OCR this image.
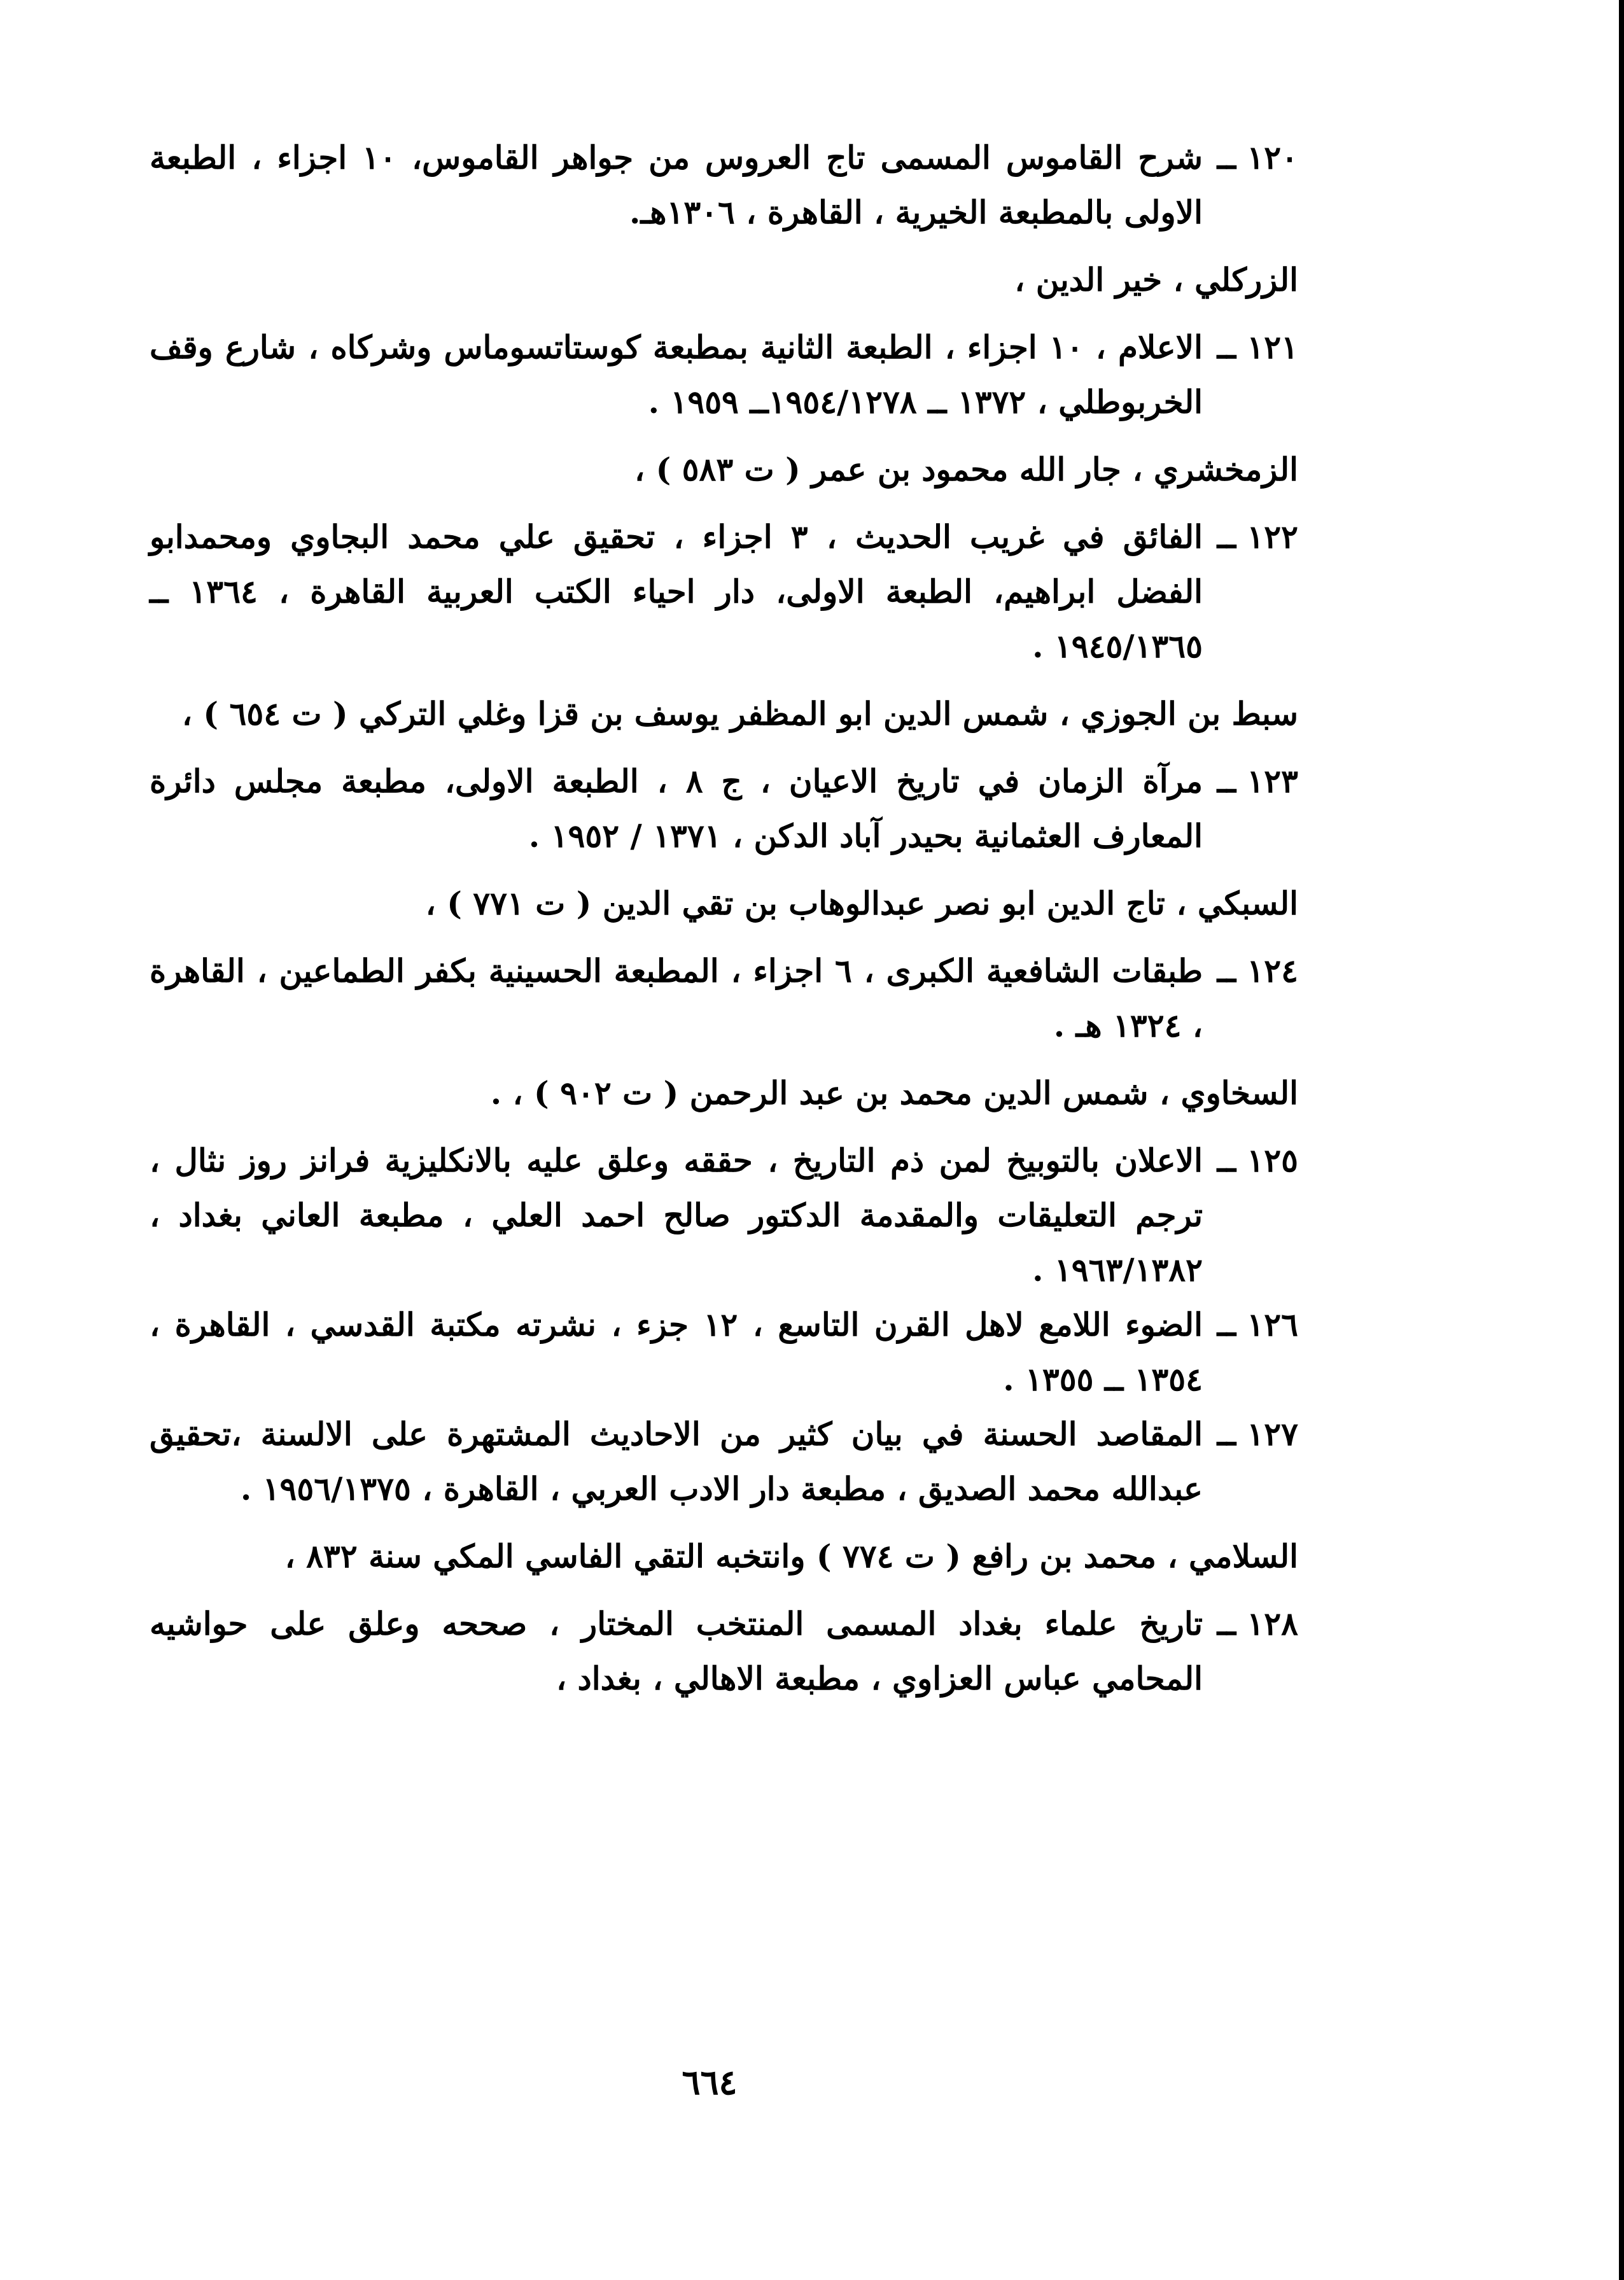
١٢٠ ــ
شرح القاموس المسمى تاج العروس من جواهر القاموس، ١٠ اجزاء ، الطبعة الاولى بالمطبعة الخيرية ، القاهرة ، ١٣٠٦هـ.
الزركلي ، خير الدين ،
١٢١ ــ
الاعلام ، ١٠ اجزاء ، الطبعة الثانية بمطبعة كوستاتسوماس وشركاه ، شارع وقف الخربوطلي ، ١٣٧٢ ــ ١٩٥٤/١٢٧٨ــ ١٩٥٩ .
الزمخشري ، جار الله محمود بن عمر ( ت ٥٨٣ ) ،
١٢٢ ــ
الفائق في غريب الحديث ، ٣ اجزاء ، تحقيق علي محمد البجاوي ومحمدابو الفضل ابراهيم، الطبعة الاولى، دار احياء الكتب العربية القاهرة ، ١٣٦٤ ــ ١٩٤٥/١٣٦٥ .
سبط بن الجوزي ، شمس الدين ابو المظفر يوسف بن قزا وغلي التركي ( ت ٦٥٤ ) ،
١٢٣ ــ
مرآة الزمان في تاريخ الاعيان ، ج ٨ ، الطبعة الاولى، مطبعة مجلس دائرة المعارف العثمانية بحيدر آباد الدكن ، ١٣٧١ / ١٩٥٢ .
السبكي ، تاج الدين ابو نصر عبدالوهاب بن تقي الدين ( ت ٧٧١ ) ،
١٢٤ ــ
طبقات الشافعية الكبرى ، ٦ اجزاء ، المطبعة الحسينية بكفر الطماعين ، القاهرة ، ١٣٢٤ هـ .
السخاوي ، شمس الدين محمد بن عبد الرحمن ( ت ٩٠٢ ) ، .
١٢٥ ــ
الاعلان بالتوبيخ لمن ذم التاريخ ، حققه وعلق عليه بالانكليزية فرانز روز نثال ، ترجم التعليقات والمقدمة الدكتور صالح احمد العلي ، مطبعة العاني بغداد ، ١٩٦٣/١٣٨٢ .
١٢٦ ــ
الضوء اللامع لاهل القرن التاسع ، ١٢ جزء ، نشرته مكتبة القدسي ، القاهرة ، ١٣٥٤ ــ ١٣٥٥ .
١٢٧ ــ
المقاصد الحسنة في بيان كثير من الاحاديث المشتهرة على الالسنة ،تحقيق عبدالله محمد الصديق ، مطبعة دار الادب العربي ، القاهرة ، ١٩٥٦/١٣٧٥ .
السلامي ، محمد بن رافع ( ت ٧٧٤ ) وانتخبه التقي الفاسي المكي سنة ٨٣٢ ،
١٢٨ ــ
تاريخ علماء بغداد المسمى المنتخب المختار ، صححه وعلق على حواشيه المحامي عباس العزاوي ، مطبعة الاهالي ، بغداد ،
٦٦٤
